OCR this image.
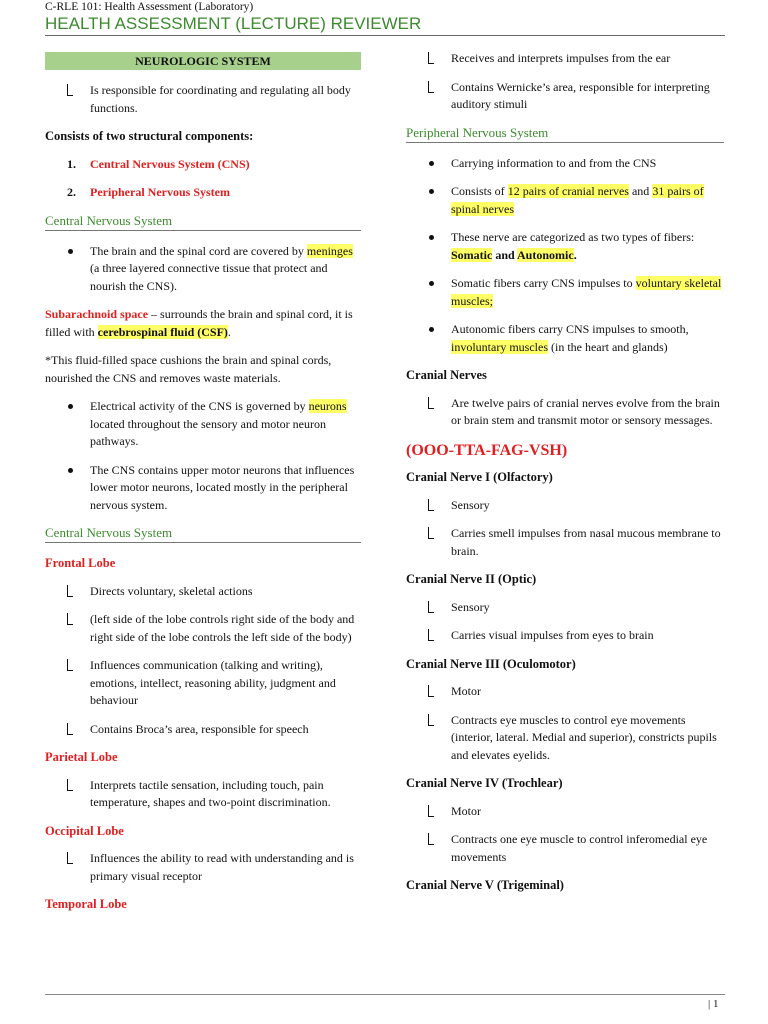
C-RLE 101: Health Assessment (Laboratory)
HEALTH ASSESSMENT (LECTURE) REVIEWER
NEUROLOGIC SYSTEM
Is responsible for coordinating and regulating all body functions.
Consists of two structural components:
1. Central Nervous System (CNS)
2. Peripheral Nervous System
Central Nervous System
The brain and the spinal cord are covered by meninges (a three layered connective tissue that protect and nourish the CNS).

Subarachnoid space – surrounds the brain and spinal cord, it is filled with cerebrospinal fluid (CSF).

*This fluid-filled space cushions the brain and spinal cords, nourished the CNS and removes waste materials.

Electrical activity of the CNS is governed by neurons located throughout the sensory and motor neuron pathways.
The CNS contains upper motor neurons that influences lower motor neurons, located mostly in the peripheral nervous system.
Central Nervous System
Frontal Lobe
Directs voluntary, skeletal actions
(left side of the lobe controls right side of the body and right side of the lobe controls the left side of the body)
Influences communication (talking and writing), emotions, intellect, reasoning ability, judgment and behaviour
Contains Broca’s area, responsible for speech
Parietal Lobe
Interprets tactile sensation, including touch, pain temperature, shapes and two-point discrimination.
Occipital Lobe
Influences the ability to read with understanding and is primary visual receptor
Temporal Lobe
Receives and interprets impulses from the ear
Contains Wernicke’s area, responsible for interpreting auditory stimuli
Peripheral Nervous System
Carrying information to and from the CNS
Consists of 12 pairs of cranial nerves and 31 pairs of spinal nerves
These nerve are categorized as two types of fibers: Somatic and Autonomic.
Somatic fibers carry CNS impulses to voluntary skeletal muscles;
Autonomic fibers carry CNS impulses to smooth, involuntary muscles (in the heart and glands)
Cranial Nerves
Are twelve pairs of cranial nerves evolve from the brain or brain stem and transmit motor or sensory messages.
(OOO-TTA-FAG-VSH)
Cranial Nerve I (Olfactory)
Sensory
Carries smell impulses from nasal mucous membrane to brain.
Cranial Nerve II (Optic)
Sensory
Carries visual impulses from eyes to brain
Cranial Nerve III (Oculomotor)
Motor
Contracts eye muscles to control eye movements (interior, lateral. Medial and superior), constricts pupils and elevates eyelids.
Cranial Nerve IV (Trochlear)
Motor
Contracts one eye muscle to control inferomedial eye movements
Cranial Nerve V (Trigeminal)
| 1
